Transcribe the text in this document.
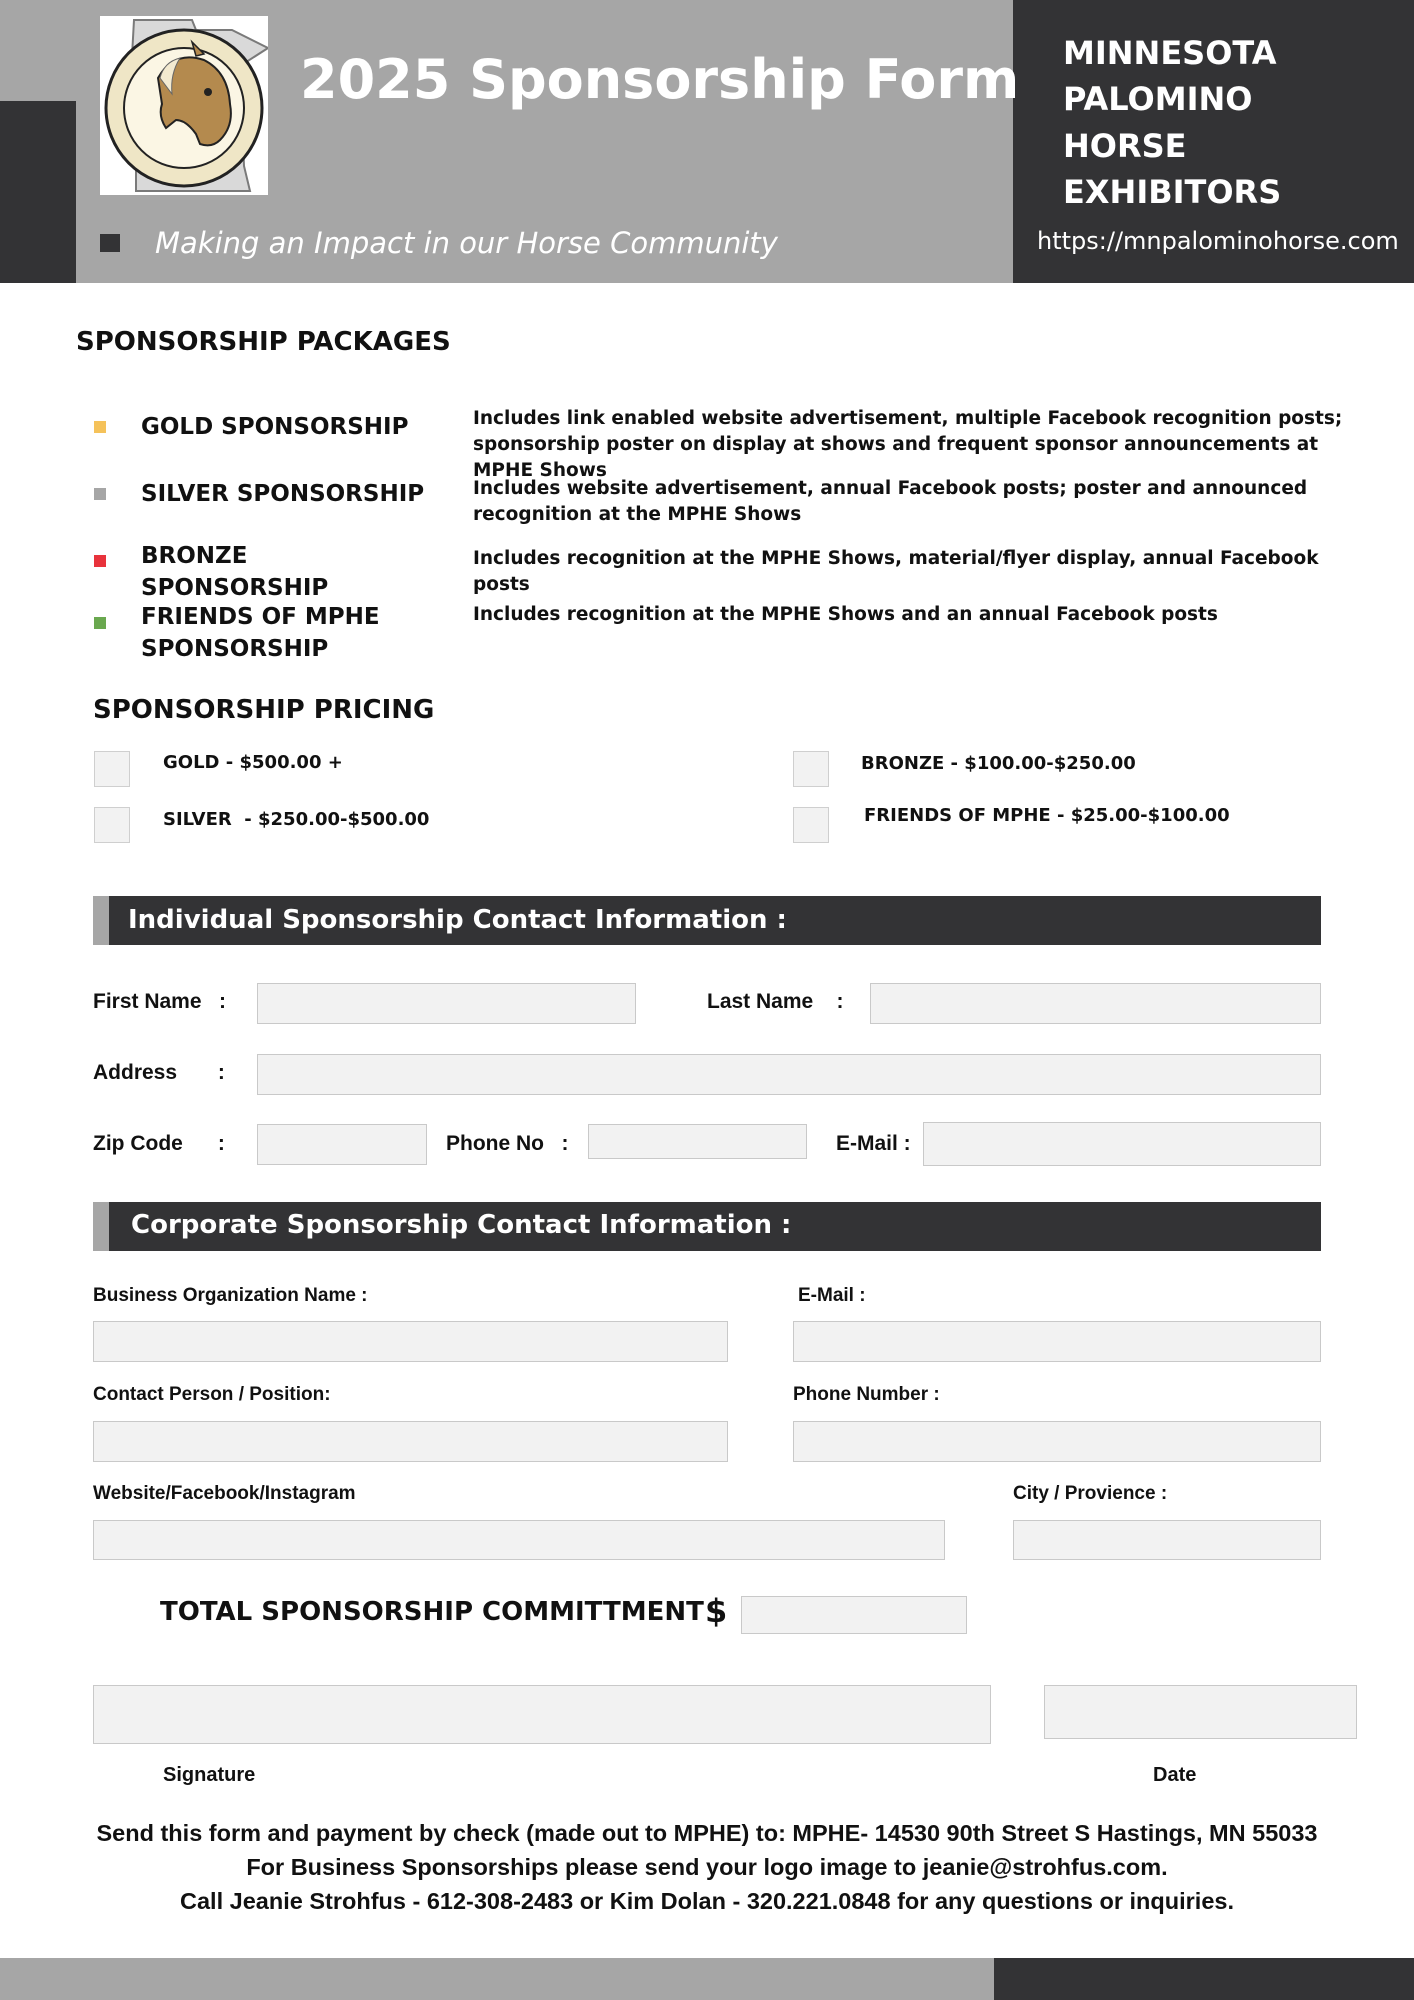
2025 Sponsorship Form
Making an Impact in our Horse Community
MINNESOTA
PALOMINO
HORSE
EXHIBITORS
https://mnpalominohorse.com
SPONSORSHIP PACKAGES
GOLD SPONSORSHIP	Includes link enabled website advertisement, multiple Facebook recognition posts; sponsorship poster on display at shows and frequent sponsor announcements at MPHE Shows
SILVER SPONSORSHIP	Includes website advertisement, annual Facebook posts; poster and announced recognition at the MPHE Shows
BRONZE SPONSORSHIP
Includes recognition at the MPHE Shows, material/flyer display, annual Facebook posts
FRIENDS OF MPHE SPONSORSHIP
Includes recognition at the MPHE Shows and an annual Facebook posts
SPONSORSHIP PRICING
GOLD - $500.00 +
SILVER  - $250.00-$500.00
BRONZE - $100.00-$250.00
FRIENDS OF MPHE - $25.00-$100.00
Individual Sponsorship Contact Information :
First Name   :	Last Name    :
Address       :
Zip Code      :	Phone No   :	E-Mail :
Corporate Sponsorship Contact Information :
Business Organization Name :	E-Mail :
Contact Person / Position:	Phone Number :
Website/Facebook/Instagram	City / Provience :
TOTAL SPONSORSHIP COMMITTMENT $
Signature	Date
Send this form and payment by check (made out to MPHE) to: MPHE- 14530 90th Street S Hastings, MN 55033
For Business Sponsorships please send your logo image to jeanie@strohfus.com.
Call Jeanie Strohfus - 612-308-2483 or Kim Dolan - 320.221.0848 for any questions or inquiries.
